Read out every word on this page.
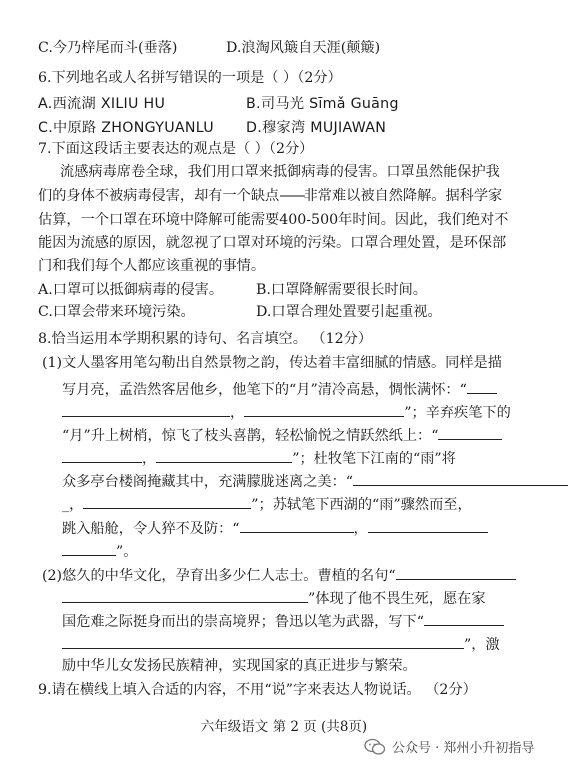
C.今乃梓尾而斗(垂落)	D.浪淘风簸自天涯(颠簸)
6.下列地名或人名拼写错误的一项是（ ）（2分）
A.西流湖 XILIU HU	B.司马光 Sīmǎ Guāng
C.中原路 ZHONGYUANLU D.穆家湾 MUJIAWAN
7.下面这段话主要表达的观点是（ ）（2分）
流感病毒席卷全球，我们用口罩来抵御病毒的侵害。口罩虽然能保护我
们的身体不被病毒侵害，却有一个缺点——非常难以被自然降解。据科学家
估算，一个口罩在环境中降解可能需要400-500年时间。因此，我们绝对不
能因为流感的原因，就忽视了口罩对环境的污染。口罩合理处置，是环保部
门和我们每个人都应该重视的事情。
A.口罩可以抵御病毒的侵害。 B.口罩降解需要很长时间。
C.口罩会带来环境污染。	D.口罩合理处置要引起重视。
8.恰当运用本学期积累的诗句、名言填空。 （12分）
(1)文人墨客用笔勾勒出自然景物之韵，传达着丰富细腻的情感。同样是描
写月亮，孟浩然客居他乡，他笔下的“月”清冷高悬，惆怅满怀：“
，	”；辛弃疾笔下的
“月”升上树梢，惊飞了枝头喜鹊，轻松愉悦之情跃然纸上：“
，	”；杜牧笔下江南的“雨”将
众多亭台楼阁掩藏其中，充满朦胧迷离之美：“
_，	”；苏轼笔下西湖的“雨”骤然而至，
跳入船舱，令人猝不及防：“	，
”。
(2)悠久的中华文化，孕育出多少仁人志士。曹植的名句“
”体现了他不畏生死，愿在家
国危难之际挺身而出的崇高境界；鲁迅以笔为武器，写下“
”，激
励中华儿女发扬民族精神，实现国家的真正进步与繁荣。
9.请在横线上填入合适的内容，不用“说”字来表达人物说话。 （2分）
六年级语文 第 2 页 (共8页)
公众号 · 郑州小升初指导
